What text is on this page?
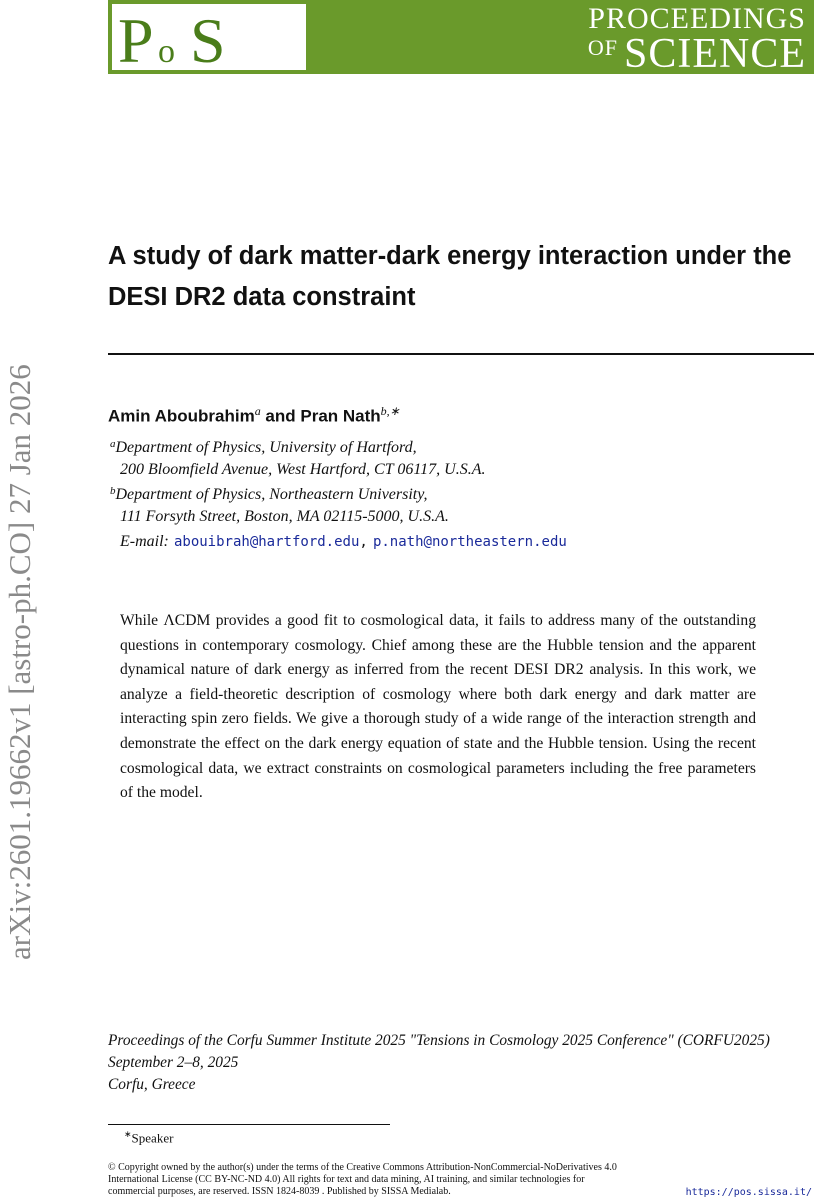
P o S	PROCEEDINGS
OF SCIENCE
arXiv:2601.19662v1 [astro-ph.CO] 27 Jan 2026
A study of dark matter-dark energy interaction under the DESI DR2 data constraint
Amin Aboubrahim$^a$ and Pran Nath$^{b,∗}$
$^a$Department of Physics, University of Hartford,
200 Bloomfield Avenue, West Hartford, CT 06117, U.S.A.
$^b$Department of Physics, Northeastern University,
111 Forsyth Street, Boston, MA 02115-5000, U.S.A.
E-mail: abouibrah@hartford.edu, p.nath@northeastern.edu

While ΛCDM provides a good fit to cosmological data, it fails to address many of the outstanding questions in contemporary cosmology. Chief among these are the Hubble tension and the apparent dynamical nature of dark energy as inferred from the recent DESI DR2 analysis. In this work, we analyze a field-theoretic description of cosmology where both dark energy and dark matter are interacting spin zero fields. We give a thorough study of a wide range of the interaction strength and demonstrate the effect on the dark energy equation of state and the Hubble tension. Using the recent cosmological data, we extract constraints on cosmological parameters including the free parameters of the model.

Proceedings of the Corfu Summer Institute 2025 "Tensions in Cosmology 2025 Conference" (CORFU2025)
September 2–8, 2025
Corfu, Greece
∗Speaker
© Copyright owned by the author(s) under the terms of the Creative Commons Attribution-NonCommercial-NoDerivatives 4.0 International License (CC BY-NC-ND 4.0) All rights for text and data mining, AI training, and similar technologies for commercial purposes, are reserved. ISSN 1824-8039 . Published by SISSA Medialab.	https://pos.sissa.it/
